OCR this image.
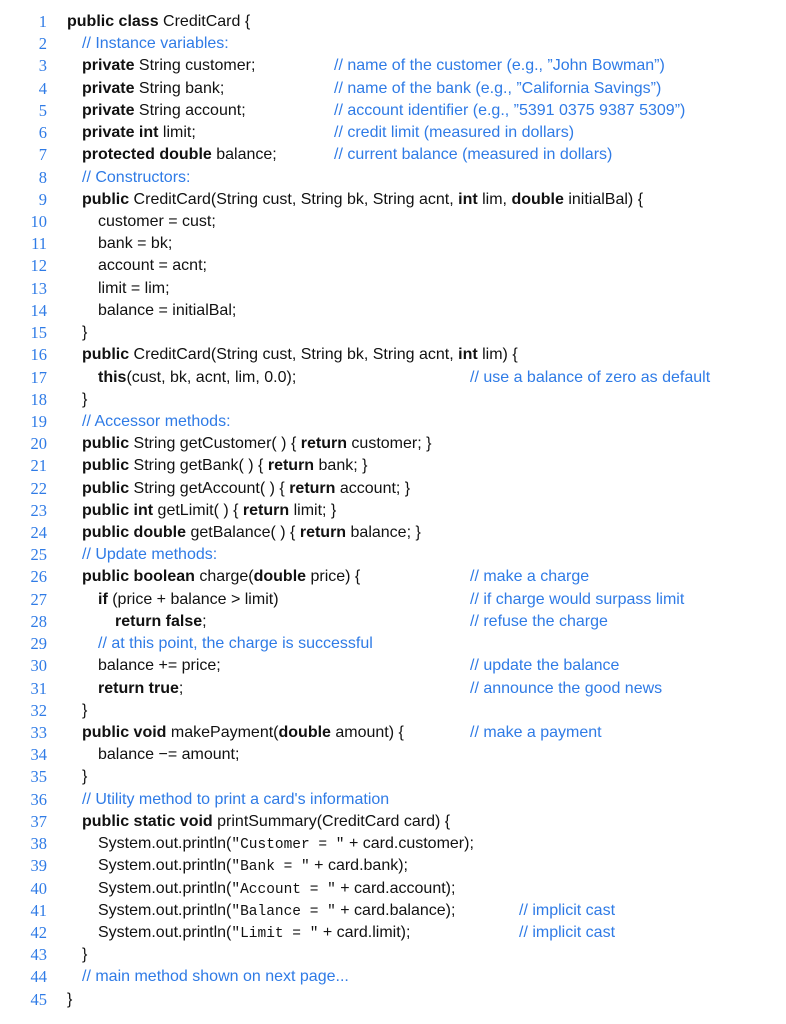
1 public class CreditCard {
2 // Instance variables:
3 private String customer;	// name of the customer (e.g., ”John Bowman”)
4 private String bank;	// name of the bank (e.g., ”California Savings”)
5 private String account;	// account identifier (e.g., ”5391 0375 9387 5309”)
6 private int limit;	// credit limit (measured in dollars)
7 protected double balance;	// current balance (measured in dollars)
8 // Constructors:
9 public CreditCard(String cust, String bk, String acnt, int lim, double initialBal) {
10	customer = cust;
11	bank = bk;
12	account = acnt;
13	limit = lim;
14	balance = initialBal;
15 }
16 public CreditCard(String cust, String bk, String acnt, int lim) {
17	this(cust, bk, acnt, lim, 0.0);	// use a balance of zero as default
18 }
19 // Accessor methods:
20 public String getCustomer( ) { return customer; }
21 public String getBank( ) { return bank; }
22 public String getAccount( ) { return account; }
23 public int getLimit( ) { return limit; }
24 public double getBalance( ) { return balance; }
25 // Update methods:
26 public boolean charge(double price) {	// make a charge
27	if (price + balance > limit)	// if charge would surpass limit
28	return false;	// refuse the charge
29	// at this point, the charge is successful
30	balance += price;	// update the balance
31	return true;	// announce the good news
32 }
33 public void makePayment(double amount) {	// make a payment
34	balance −= amount;
35 }
36 // Utility method to print a card's information
37 public static void printSummary(CreditCard card) {
38	System.out.println("Customer = " + card.customer);
39	System.out.println("Bank = " + card.bank);
40	System.out.println("Account = " + card.account);
41	System.out.println("Balance = " + card.balance);	// implicit cast
42	System.out.println("Limit = " + card.limit);	// implicit cast
43 }
44 // main method shown on next page...
45 }
